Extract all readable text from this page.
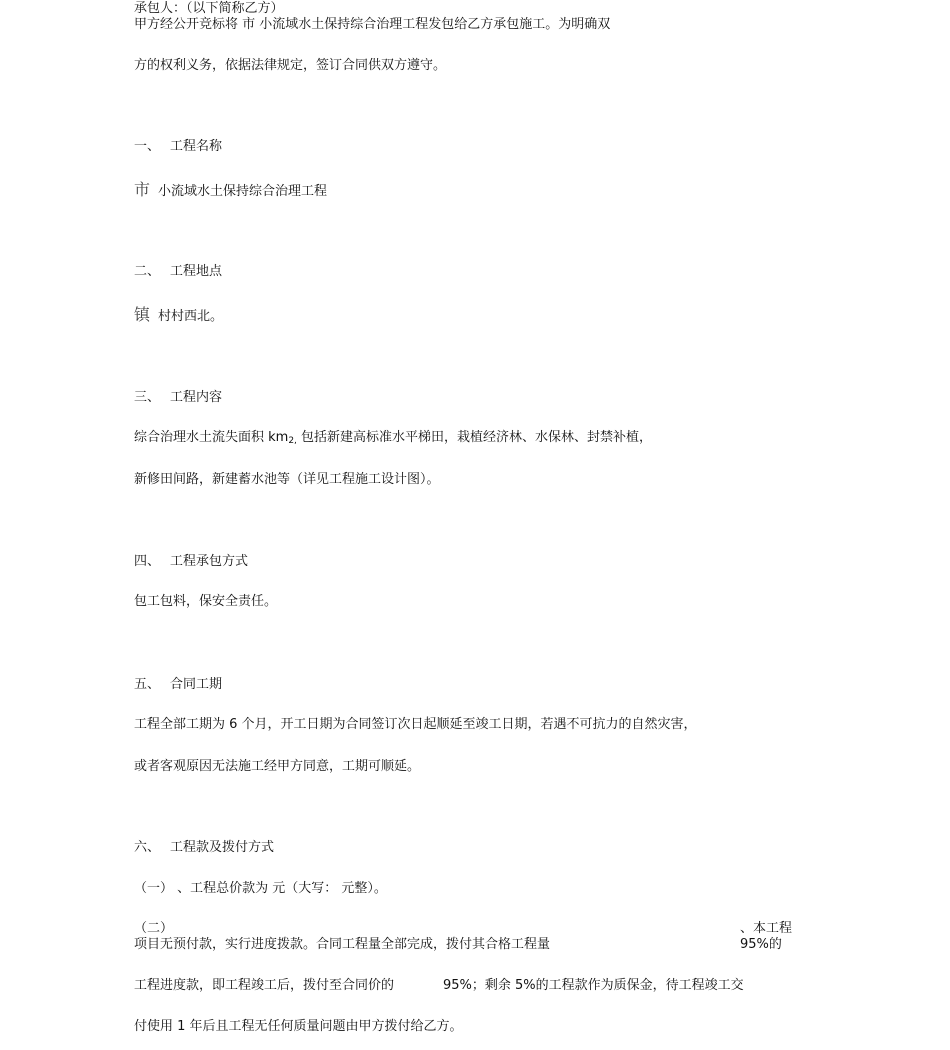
承包人：（以下简称乙方）
甲方经公开竞标将 市 小流域水土保持综合治理工程发包给乙方承包施工。为明确双
方的权利义务，依据法律规定，签订合同供双方遵守。
一、 工程名称
市 小流域水土保持综合治理工程
二、 工程地点
镇 村村西北。
三、 工程内容
综合治理水土流失面积 $km_{2,}$ 包括新建高标准水平梯田，栽植经济林、水保林、封禁补植，
新修田间路，新建蓄水池等（详见工程施工设计图）。
四、 工程承包方式
包工包料，保安全责任。
五、 合同工期
工程全部工期为 6 个月，开工日期为合同签订次日起顺延至竣工日期，若遇不可抗力的自然灾害，
或者客观原因无法施工经甲方同意，工期可顺延。
六、 工程款及拨付方式
（一） 、工程总价款为 元（大写： 元整）。
（二）	、本工程
项目无预付款，实行进度拨款。合同工程量全部完成，拨付其合格工程量	95%的
工程进度款，即工程竣工后，拨付至合同价的	95%；剩余 5%的工程款作为质保金，待工程竣工交
付使用 1 年后且工程无任何质量问题由甲方拨付给乙方。
